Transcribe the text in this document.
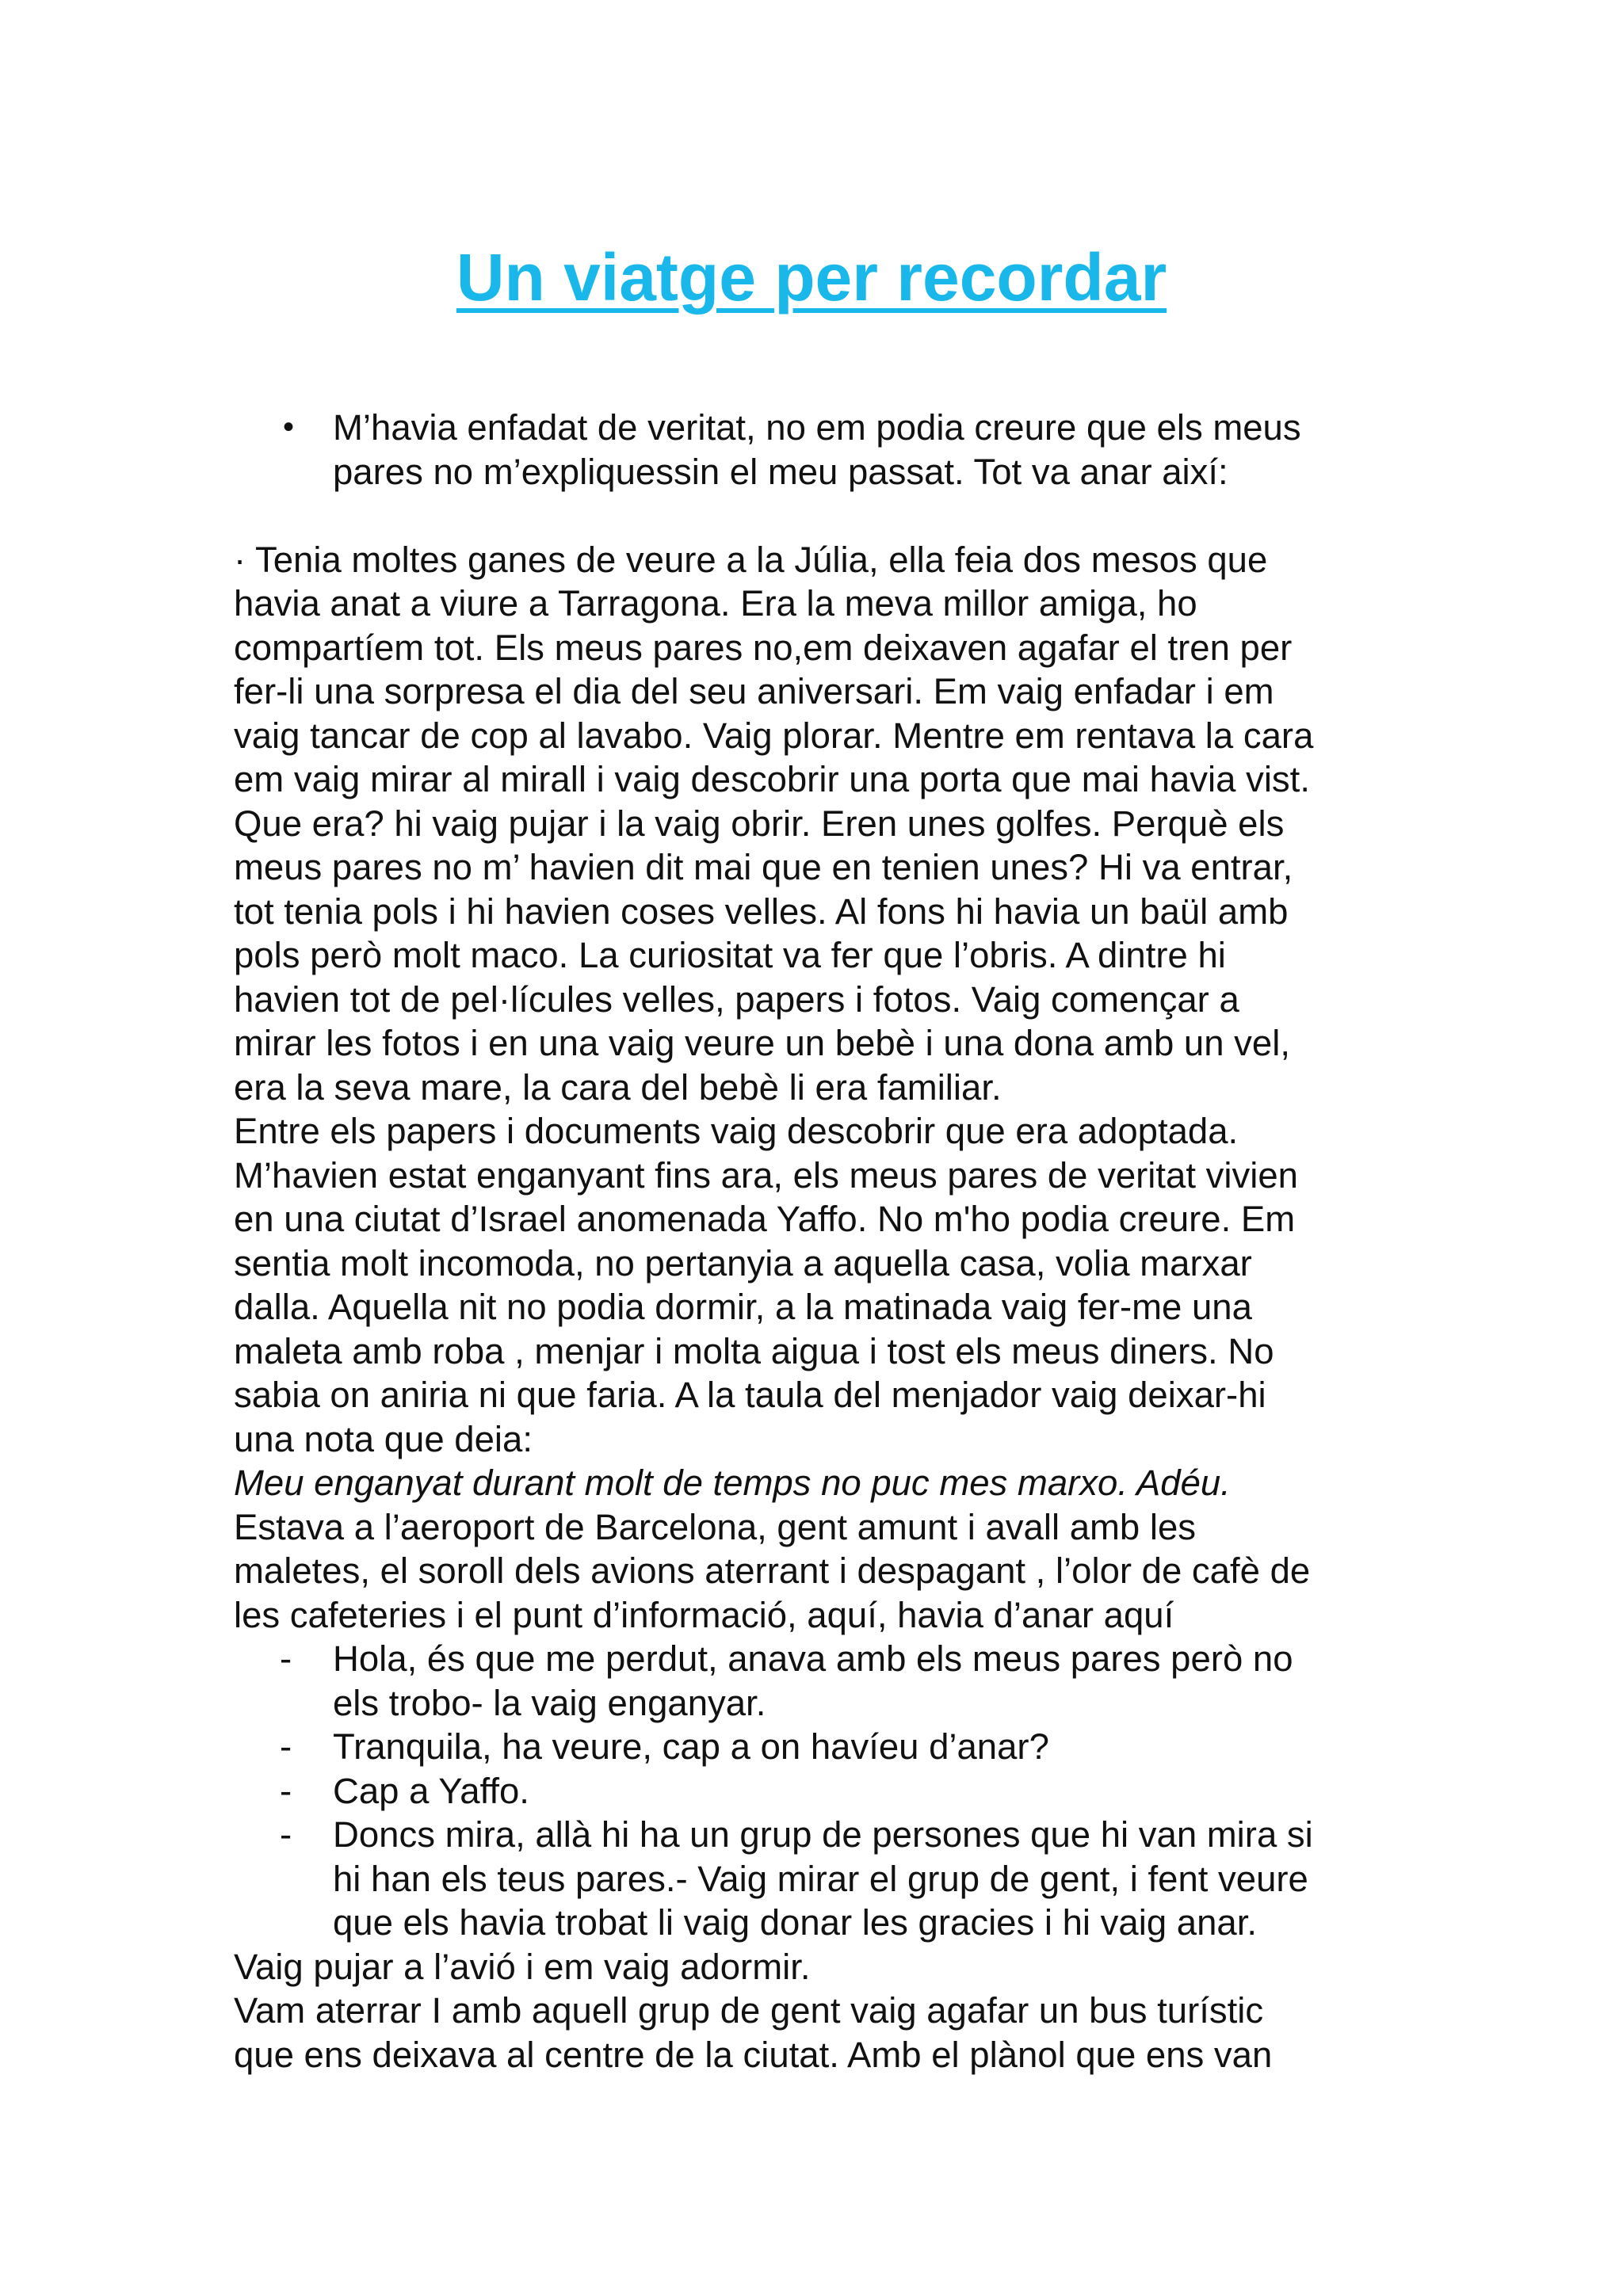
Un viatge per recordar
• M’havia enfadat de veritat, no em podia creure que els meus
pares no m’expliquessin el meu passat. Tot va anar així:
· Tenia moltes ganes de veure a la Júlia, ella feia dos mesos que
havia anat a viure a Tarragona. Era la meva millor amiga, ho
compartíem tot. Els meus pares no,em deixaven agafar el tren per
fer-li una sorpresa el dia del seu aniversari. Em vaig enfadar i em
vaig tancar de cop al lavabo. Vaig plorar. Mentre em rentava la cara
em vaig mirar al mirall i vaig descobrir una porta que mai havia vist.
Que era? hi vaig pujar i la vaig obrir. Eren unes golfes. Perquè els
meus pares no m’ havien dit mai que en tenien unes? Hi va entrar,
tot tenia pols i hi havien coses velles. Al fons hi havia un baül amb
pols però molt maco. La curiositat va fer que l’obris. A dintre hi
havien tot de pel·lícules velles, papers i fotos. Vaig començar a
mirar les fotos i en una vaig veure un bebè i una dona amb un vel,
era la seva mare, la cara del bebè li era familiar.
Entre els papers i documents vaig descobrir que era adoptada.
M’havien estat enganyant fins ara, els meus pares de veritat vivien
en una ciutat d’Israel anomenada Yaffo. No m'ho podia creure. Em
sentia molt incomoda, no pertanyia a aquella casa, volia marxar
dalla. Aquella nit no podia dormir, a la matinada vaig fer-me una
maleta amb roba , menjar i molta aigua i tost els meus diners. No
sabia on aniria ni que faria. A la taula del menjador vaig deixar-hi
una nota que deia:
Meu enganyat durant molt de temps no puc mes marxo. Adéu.
Estava a l’aeroport de Barcelona, gent amunt i avall amb les
maletes, el soroll dels avions aterrant i despagant , l’olor de cafè de
les cafeteries i el punt d’informació, aquí, havia d’anar aquí
- Hola, és que me perdut, anava amb els meus pares però no
els trobo- la vaig enganyar.
- Tranquila, ha veure, cap a on havíeu d’anar?
- Cap a Yaffo.
- Doncs mira, allà hi ha un grup de persones que hi van mira si
hi han els teus pares.- Vaig mirar el grup de gent, i fent veure
que els havia trobat li vaig donar les gracies i hi vaig anar.
Vaig pujar a l’avió i em vaig adormir.
Vam aterrar I amb aquell grup de gent vaig agafar un bus turístic
que ens deixava al centre de la ciutat. Amb el plànol que ens van
